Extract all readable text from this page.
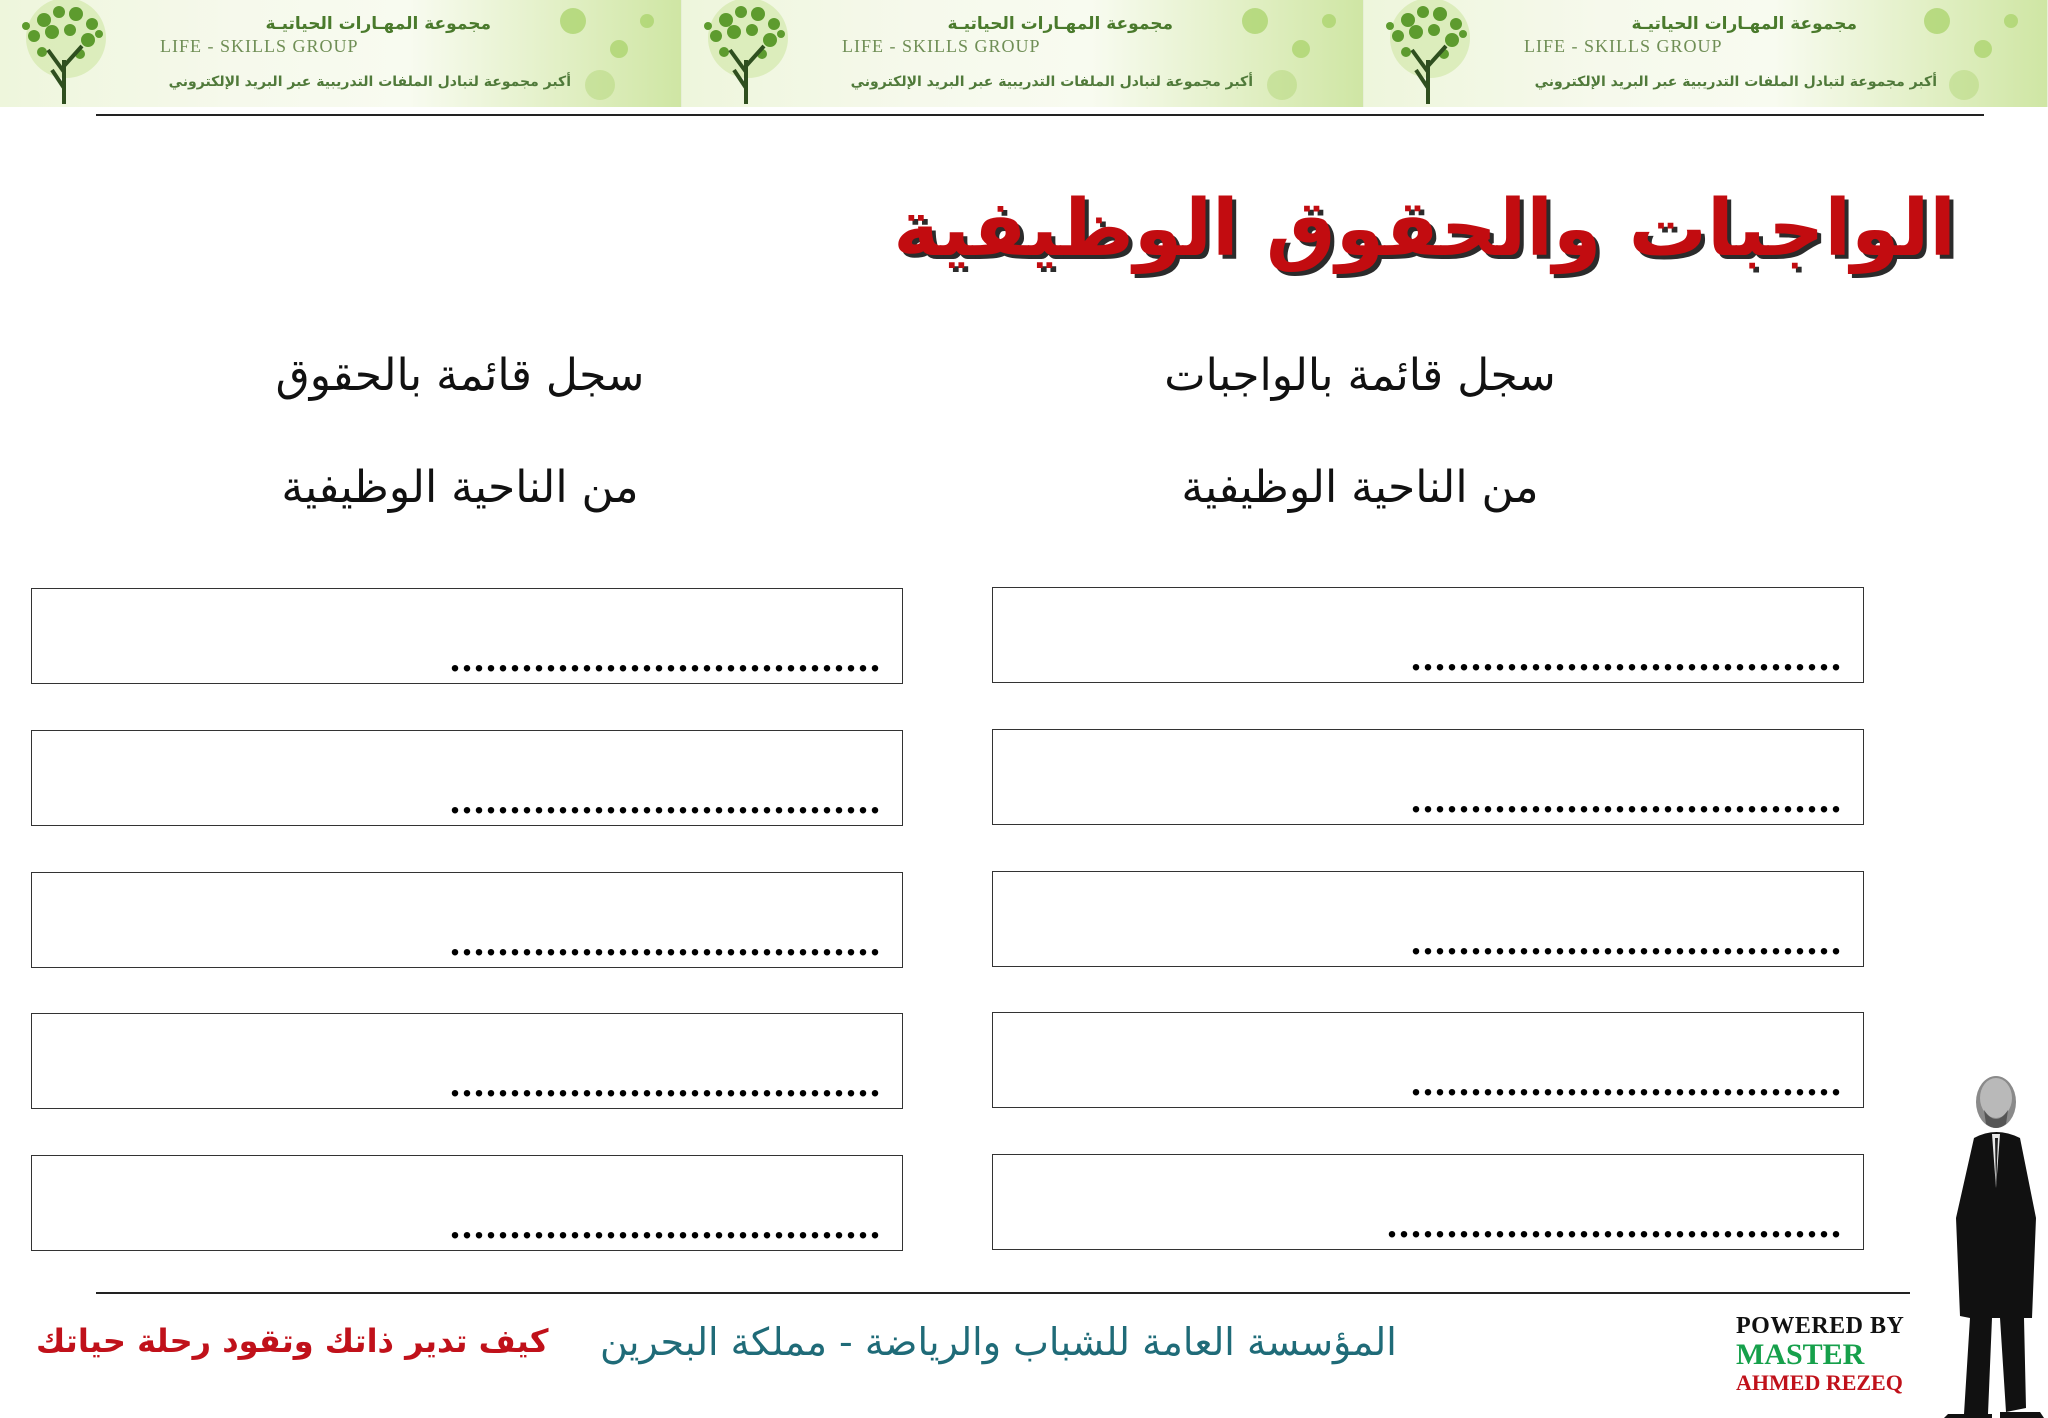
مجموعة المهـارات الحياتيـة
LIFE - SKILLS GROUP
أكبر مجموعة لتبادل الملفات التدريبية عبر البريد الإلكتروني
مجموعة المهـارات الحياتيـة
LIFE - SKILLS GROUP
أكبر مجموعة لتبادل الملفات التدريبية عبر البريد الإلكتروني
مجموعة المهـارات الحياتيـة
LIFE - SKILLS GROUP
أكبر مجموعة لتبادل الملفات التدريبية عبر البريد الإلكتروني
الواجبات والحقوق الوظيفية
سجل قائمة بالواجبات
من الناحية الوظيفية
سجل قائمة بالحقوق
من الناحية الوظيفية
....................................
....................................
....................................
....................................
......................................
....................................
....................................
....................................
....................................
....................................
كيف تدير ذاتك وتقود رحلة حياتك المؤسسة العامة للشباب والرياضة - مملكة البحرين	POWERED BY
MASTER
AHMED REZEQ
